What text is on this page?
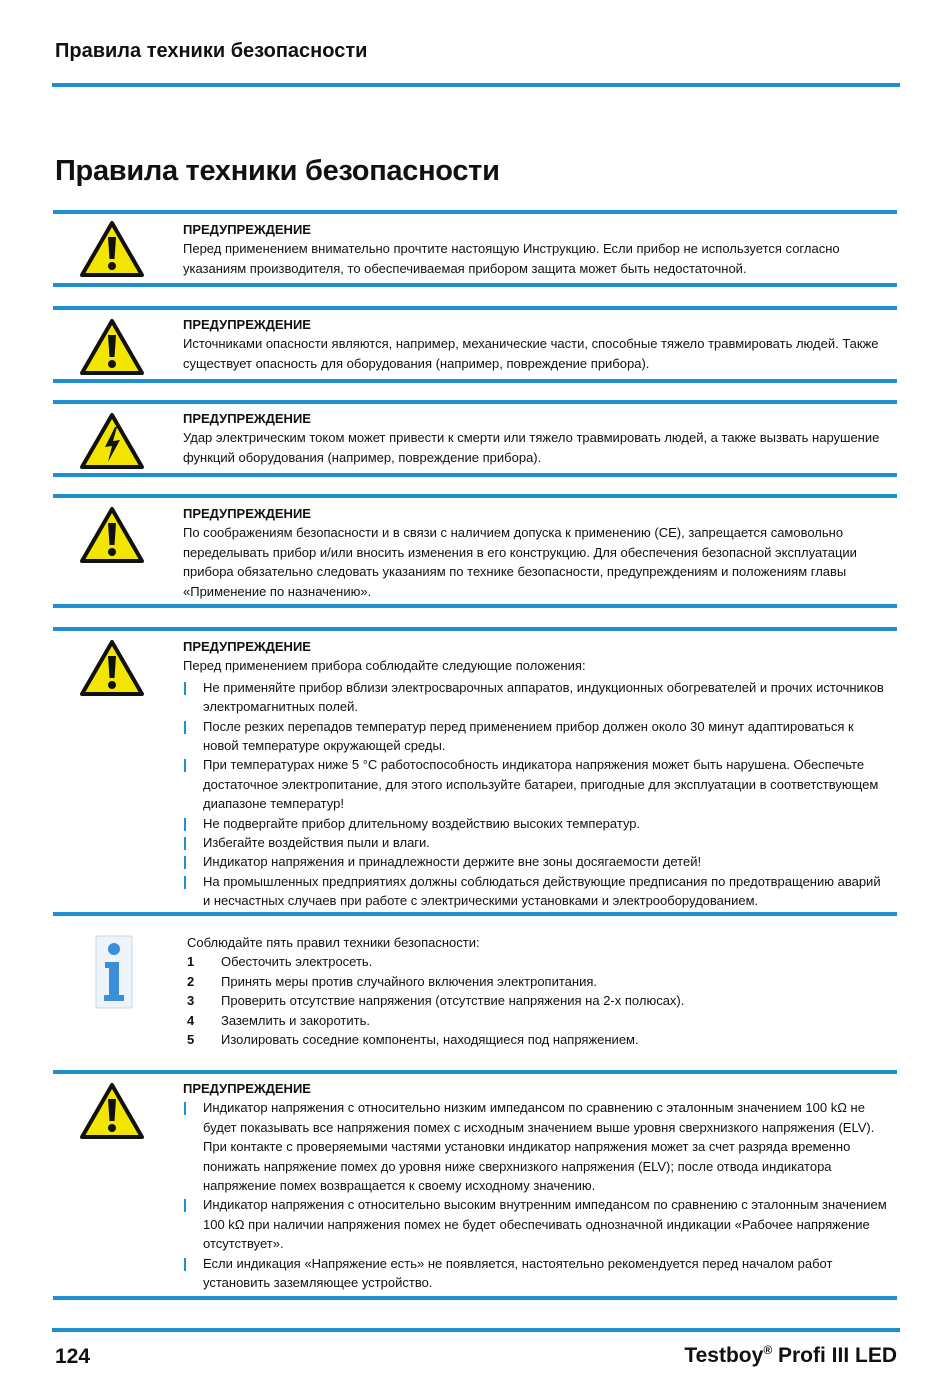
Правила техники безопасности
Правила техники безопасности
ПРЕДУПРЕЖДЕНИЕ

Перед применением внимательно прочтите настоящую Инструкцию. Если прибор не используется согласно указаниям производителя, то обеспечиваемая прибором защита может быть недостаточной.

ПРЕДУПРЕЖДЕНИЕ

Источниками опасности являются, например, механические части, способные тяжело травмировать людей. Также существует опасность для оборудования (например, повреждение прибора).

ПРЕДУПРЕЖДЕНИЕ

Удар электрическим током может привести к смерти или тяжело травмировать людей, а также вызвать нарушение функций оборудования (например, повреждение прибора).

ПРЕДУПРЕЖДЕНИЕ

По соображениям безопасности и в связи с наличием допуска к применению (CE), запрещается самовольно переделывать прибор и/или вносить изменения в его конструкцию. Для обеспечения безопасной эксплуатации прибора обязательно следовать указаниям по технике безопасности, предупреждениям и положениям главы «Применение по назначению».

ПРЕДУПРЕЖДЕНИЕ

Перед применением прибора соблюдайте следующие положения:

Не применяйте прибор вблизи электросварочных аппаратов, индукционных обогревателей и прочих источников электромагнитных полей.
После резких перепадов температур перед применением прибор должен около 30 минут адаптироваться к новой температуре окружающей среды.
При температурах ниже 5 °C работоспособность индикатора напряжения может быть нарушена. Обеспечьте достаточное электропитание, для этого используйте батареи, пригодные для эксплуатации в соответствующем диапазоне температур!
Не подвергайте прибор длительному воздействию высоких температур.
Избегайте воздействия пыли и влаги.
Индикатор напряжения и принадлежности держите вне зоны досягаемости детей!
На промышленных предприятиях должны соблюдаться действующие предписания по предотвращению аварий и несчастных случаев при работе с электрическими установками и электрооборудованием.

Соблюдайте пять правил техники безопасности:

1 Обесточить электросеть.
2 Принять меры против случайного включения электропитания.
3 Проверить отсутствие напряжения (отсутствие напряжения на 2-х полюсах).
4 Заземлить и закоротить.
5 Изолировать соседние компоненты, находящиеся под напряжением.
ПРЕДУПРЕЖДЕНИЕ
Индикатор напряжения с относительно низким импедансом по сравнению с эталонным значением 100 kΩ не будет показывать все напряжения помех с исходным значением выше уровня сверхнизкого напряжения (ELV). При контакте с проверяемыми частями установки индикатор напряжения может за счет разряда временно понижать напряжение помех до уровня ниже сверхнизкого напряжения (ELV); после отвода индикатора напряжение помех возвращается к своему исходному значению.
Индикатор напряжения с относительно высоким внутренним импедансом по сравнению с эталонным значением 100 kΩ при наличии напряжения помех не будет обеспечивать однозначной индикации «Рабочее напряжение отсутствует».
Если индикация «Напряжение есть» не появляется, настоятельно рекомендуется перед началом работ установить заземляющее устройство.
124	Testboy® Profi III LED
